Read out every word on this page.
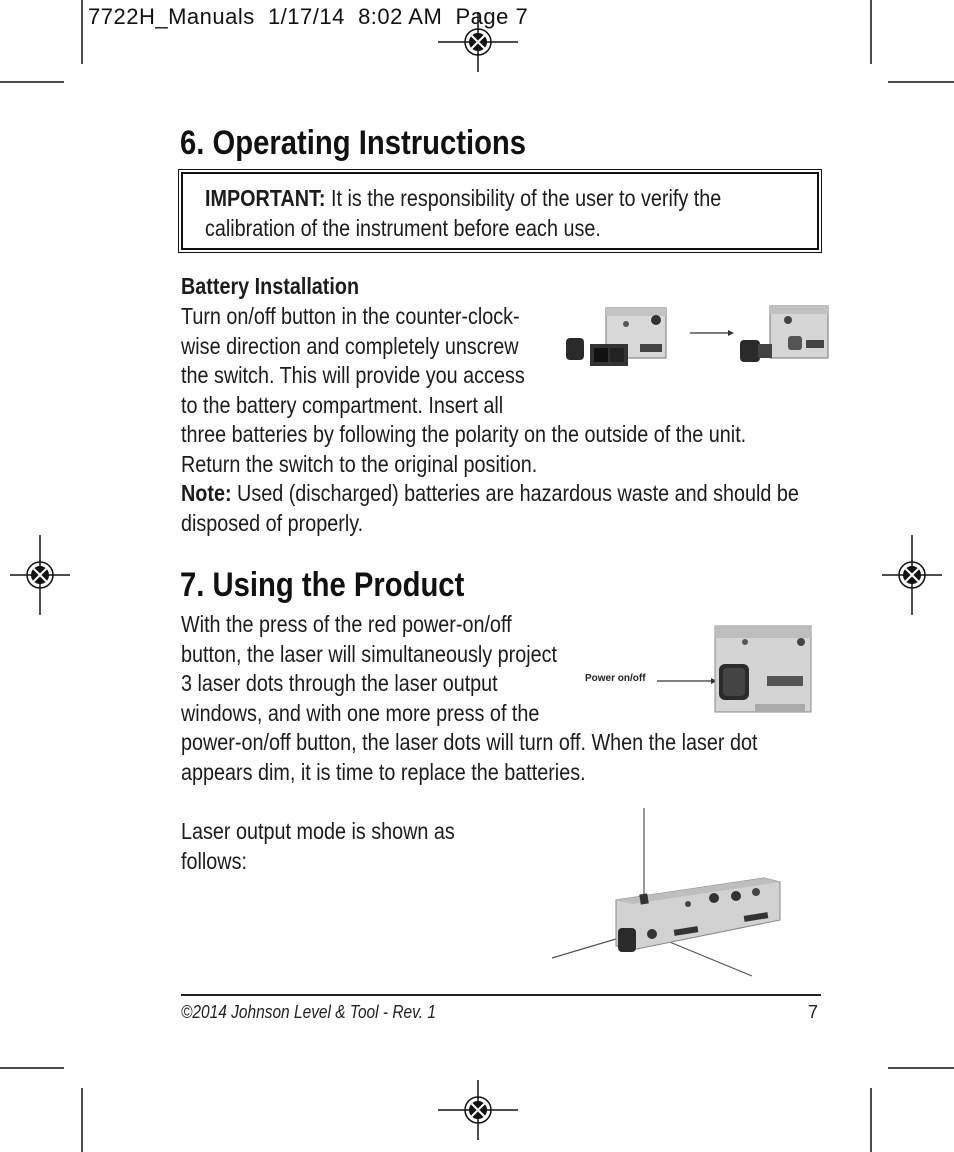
7722H_Manuals  1/17/14  8:02 AM  Page 7
6. Operating Instructions
IMPORTANT: It is the responsibility of the user to verify the
calibration of the instrument before each use.
Battery Installation
Turn on/off button in the counter-clock-
wise direction and completely unscrew
the switch. This will provide you access
to the battery compartment. Insert all
three batteries by following the polarity on the outside of the unit.
Return the switch to the original position.
Note: Used (discharged) batteries are hazardous waste and should be
disposed of properly.
7. Using the Product
With the press of the red power-on/off
button, the laser will simultaneously project
3 laser dots through the laser output
windows, and with one more press of the
power-on/off button, the laser dots will turn off. When the laser dot
appears dim, it is time to replace the batteries.
Power on/off
Laser output mode is shown as
follows:
©2014 Johnson Level & Tool - Rev. 1	7
